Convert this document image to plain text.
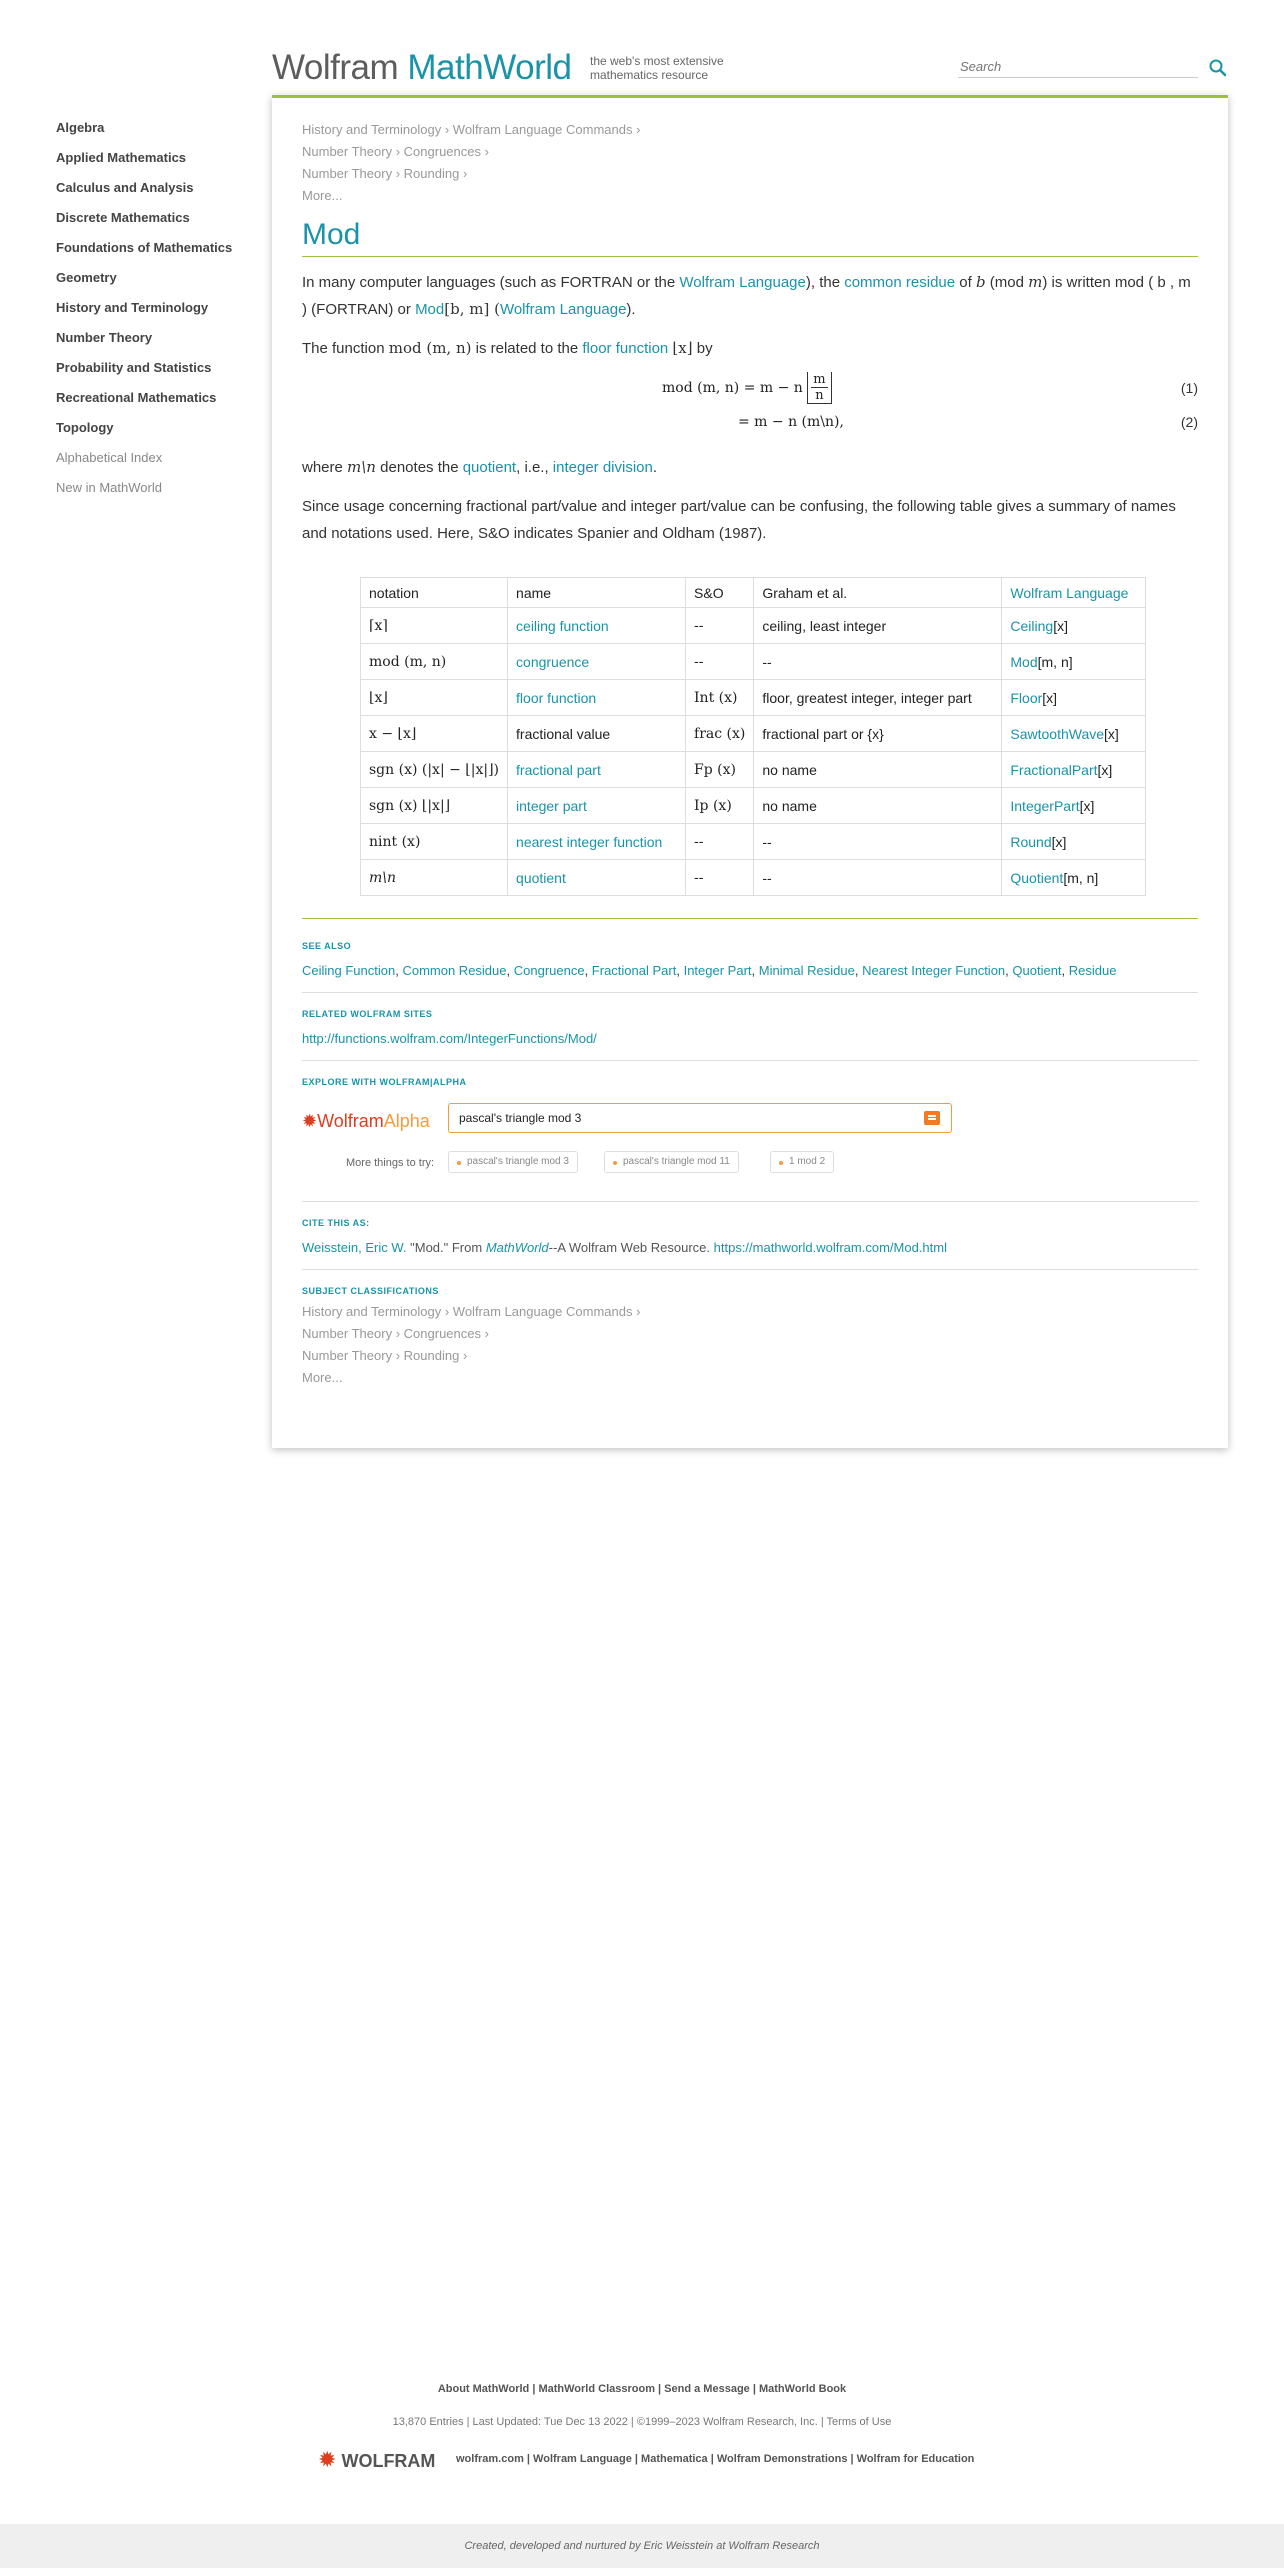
Wolfram MathWorld the web's most extensive mathematics resource
Search
Algebra
Applied Mathematics
Calculus and Analysis
Discrete Mathematics
Foundations of Mathematics
Geometry
History and Terminology
Number Theory
Probability and Statistics
Recreational Mathematics
Topology
Alphabetical Index
New in MathWorld
History and Terminology › Wolfram Language Commands ›
Number Theory › Congruences ›
Number Theory › Rounding ›
More...
Mod

In many computer languages (such as FORTRAN or the Wolfram Language), the common residue of b (mod m) is written mod ( b , m ) (FORTRAN) or Mod[b, m] (Wolfram Language).

The function mod (m, n) is related to the floor function ⌊x⌋ by

mod (m, n) = m − n $\frac{m}{n}$	(1)
= m − n (m\n),	(2)

where m\n denotes the quotient, i.e., integer division.

Since usage concerning fractional part/value and integer part/value can be confusing, the following table gives a summary of names and notations used. Here, S&O indicates Spanier and Oldham (1987).

notation	name	S&O	Graham et al.	Wolfram Language
⌈x⌉	ceiling function	--	ceiling, least integer	Ceiling[x]
mod (m, n)	congruence	--	--	Mod[m, n]
⌊x⌋	floor function	Int (x)	floor, greatest integer, integer part	Floor[x]
x − ⌊x⌋	fractional value	frac (x)	fractional part or {x}	SawtoothWave[x]
sgn (x) (|x| − ⌊|x|⌋)	fractional part	Fp (x)	no name	FractionalPart[x]
sgn (x) ⌊|x|⌋	integer part	Ip (x)	no name	IntegerPart[x]
nint (x)	nearest integer function	--	--	Round[x]
m\n	quotient	--	--	Quotient[m, n]
SEE ALSO
Ceiling Function, Common Residue, Congruence, Fractional Part, Integer Part, Minimal Residue, Nearest Integer Function, Quotient, Residue
RELATED WOLFRAM SITES
http://functions.wolfram.com/IntegerFunctions/Mod/
EXPLORE WITH WOLFRAM|ALPHA
✹WolframAlpha
pascal's triangle mod 3
More things to try:	pascal's triangle mod 3	pascal's triangle mod 11	1 mod 2
CITE THIS AS:
Weisstein, Eric W. "Mod." From MathWorld--A Wolfram Web Resource. https://mathworld.wolfram.com/Mod.html
SUBJECT CLASSIFICATIONS
History and Terminology › Wolfram Language Commands ›
Number Theory › Congruences ›
Number Theory › Rounding ›
More...
About MathWorld | MathWorld Classroom | Send a Message | MathWorld Book
13,870 Entries | Last Updated: Tue Dec 13 2022 | ©1999–2023 Wolfram Research, Inc. | Terms of Use
✹ WOLFRAM wolfram.com | Wolfram Language | Mathematica | Wolfram Demonstrations | Wolfram for Education
Created, developed and nurtured by Eric Weisstein at Wolfram Research
